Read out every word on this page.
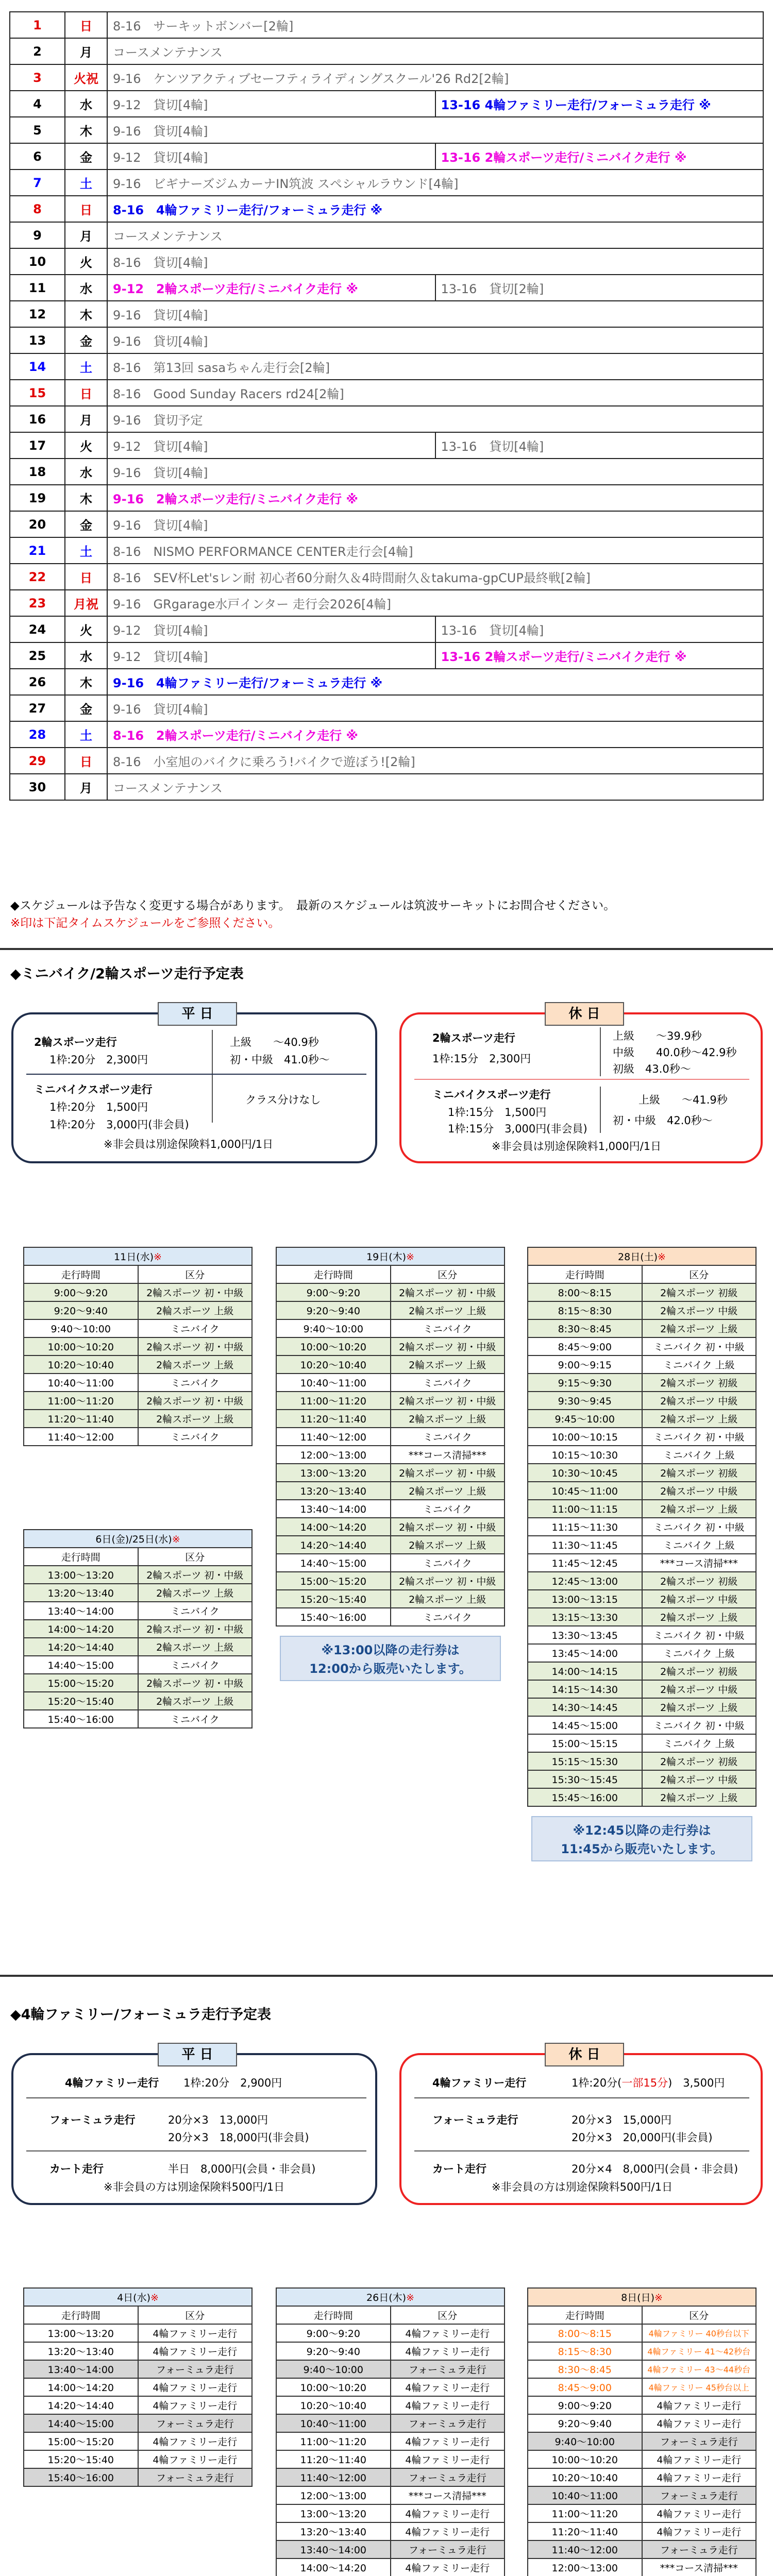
1	日	8-16　サーキットボンバー[2輪]	
2	月	コースメンテナンス	
3	火祝	9-16　ケンツアクティブセーフティライディングスクール'26 Rd2[2輪]	
4	水	9-12　貸切[4輪]	13-16 4輪ファミリー走行/フォーミュラ走行 ※
5	木	9-16　貸切[4輪]	
6	金	9-12　貸切[4輪]	13-16 2輪スポーツ走行/ミニバイク走行 ※
7	土	9-16　ビギナーズジムカーナIN筑波 スペシャルラウンド[4輪]	
8	日	8-16　4輪ファミリー走行/フォーミュラ走行 ※	
9	月	コースメンテナンス	
10	火	8-16　貸切[4輪]	
11	水	9-12　2輪スポーツ走行/ミニバイク走行 ※	13-16　貸切[2輪]
12	木	9-16　貸切[4輪]	
13	金	9-16　貸切[4輪]	
14	土	8-16　第13回 sasaちゃん走行会[2輪]	
15	日	8-16　Good Sunday Racers rd24[2輪]	
16	月	9-16　貸切予定	
17	火	9-12　貸切[4輪]	13-16　貸切[4輪]
18	水	9-16　貸切[4輪]	
19	木	9-16　2輪スポーツ走行/ミニバイク走行 ※	
20	金	9-16　貸切[4輪]	
21	土	8-16　NISMO PERFORMANCE CENTER走行会[4輪]	
22	日	8-16　SEV杯Let'sレン耐 初心者60分耐久＆4時間耐久＆takuma-gpCUP最終戦[2輪]	
23	月祝	9-16　GRgarage水戸インター 走行会2026[4輪]	
24	火	9-12　貸切[4輪]	13-16　貸切[4輪]
25	水	9-12　貸切[4輪]	13-16 2輪スポーツ走行/ミニバイク走行 ※
26	木	9-16　4輪ファミリー走行/フォーミュラ走行 ※	
27	金	9-16　貸切[4輪]	
28	土	8-16　2輪スポーツ走行/ミニバイク走行 ※	
29	日	8-16　小室旭のバイクに乗ろう!バイクで遊ぼう![2輪]	
30	月	コースメンテナンス	
◆スケジュールは予告なく変更する場合があります。　最新のスケジュールは筑波サーキットにお問合せください。
※印は下記タイムスケジュールをご参照ください。
◆ミニバイク/2輪スポーツ走行予定表
平 日
2輪スポーツ走行
1枠:20分　2,300円
上級　　～40.9秒
初・中級　41.0秒～
ミニバイクスポーツ走行
1枠:20分　1,500円
1枠:20分　3,000円(非会員)
クラス分けなし
※非会員は別途保険料1,000円/1日
休 日
2輪スポーツ走行
1枠:15分　2,300円
上級　　～39.9秒
中級　　40.0秒～42.9秒
初級　43.0秒～
ミニバイクスポーツ走行
1枠:15分　1,500円
1枠:15分　3,000円(非会員)
上級　　～41.9秒
初・中級　42.0秒～
※非会員は別途保険料1,000円/1日
11日(水)※	
走行時間	区分
9:00～9:20	2輪スポーツ 初・中級
9:20～9:40	2輪スポーツ 上級
9:40～10:00	ミニバイク
10:00～10:20	2輪スポーツ 初・中級
10:20～10:40	2輪スポーツ 上級
10:40～11:00	ミニバイク
11:00～11:20	2輪スポーツ 初・中級
11:20～11:40	2輪スポーツ 上級
11:40～12:00	ミニバイク
6日(金)/25日(水)※	
走行時間	区分
13:00～13:20	2輪スポーツ 初・中級
13:20～13:40	2輪スポーツ 上級
13:40～14:00	ミニバイク
14:00～14:20	2輪スポーツ 初・中級
14:20～14:40	2輪スポーツ 上級
14:40～15:00	ミニバイク
15:00～15:20	2輪スポーツ 初・中級
15:20～15:40	2輪スポーツ 上級
15:40～16:00	ミニバイク
19日(木)※	
走行時間	区分
9:00～9:20	2輪スポーツ 初・中級
9:20～9:40	2輪スポーツ 上級
9:40～10:00	ミニバイク
10:00～10:20	2輪スポーツ 初・中級
10:20～10:40	2輪スポーツ 上級
10:40～11:00	ミニバイク
11:00～11:20	2輪スポーツ 初・中級
11:20～11:40	2輪スポーツ 上級
11:40～12:00	ミニバイク
12:00～13:00	***コース清掃***
13:00～13:20	2輪スポーツ 初・中級
13:20～13:40	2輪スポーツ 上級
13:40～14:00	ミニバイク
14:00～14:20	2輪スポーツ 初・中級
14:20～14:40	2輪スポーツ 上級
14:40～15:00	ミニバイク
15:00～15:20	2輪スポーツ 初・中級
15:20～15:40	2輪スポーツ 上級
15:40～16:00	ミニバイク
※13:00以降の走行券は
12:00から販売いたします。
28日(土)※	
走行時間	区分
8:00～8:15	2輪スポーツ 初級
8:15～8:30	2輪スポーツ 中級
8:30～8:45	2輪スポーツ 上級
8:45～9:00	ミニバイク 初・中級
9:00～9:15	ミニバイク 上級
9:15～9:30	2輪スポーツ 初級
9:30～9:45	2輪スポーツ 中級
9:45～10:00	2輪スポーツ 上級
10:00～10:15	ミニバイク 初・中級
10:15～10:30	ミニバイク 上級
10:30～10:45	2輪スポーツ 初級
10:45～11:00	2輪スポーツ 中級
11:00～11:15	2輪スポーツ 上級
11:15～11:30	ミニバイク 初・中級
11:30～11:45	ミニバイク 上級
11:45～12:45	***コース清掃***
12:45～13:00	2輪スポーツ 初級
13:00～13:15	2輪スポーツ 中級
13:15～13:30	2輪スポーツ 上級
13:30～13:45	ミニバイク 初・中級
13:45～14:00	ミニバイク 上級
14:00～14:15	2輪スポーツ 初級
14:15～14:30	2輪スポーツ 中級
14:30～14:45	2輪スポーツ 上級
14:45～15:00	ミニバイク 初・中級
15:00～15:15	ミニバイク 上級
15:15～15:30	2輪スポーツ 初級
15:30～15:45	2輪スポーツ 中級
15:45～16:00	2輪スポーツ 上級
※12:45以降の走行券は
11:45から販売いたします。
◆4輪ファミリー/フォーミュラ走行予定表
平 日
4輪ファミリー走行 1枠:20分　2,900円
フォーミュラ走行	20分×3　13,000円
20分×3　18,000円(非会員)
カート走行	半日　8,000円(会員・非会員)
※非会員の方は別途保険料500円/1日
休 日
4輪ファミリー走行	1枠:20分(一部15分)　3,500円
フォーミュラ走行	20分×3　15,000円
20分×3　20,000円(非会員)
カート走行	20分×4　8,000円(会員・非会員)
※非会員の方は別途保険料500円/1日
4日(水)※	
走行時間	区分
13:00～13:20	4輪ファミリー走行
13:20～13:40	4輪ファミリー走行
13:40～14:00	フォーミュラ走行
14:00～14:20	4輪ファミリー走行
14:20～14:40	4輪ファミリー走行
14:40～15:00	フォーミュラ走行
15:00～15:20	4輪ファミリー走行
15:20～15:40	4輪ファミリー走行
15:40～16:00	フォーミュラ走行
26日(木)※	
走行時間	区分
9:00～9:20	4輪ファミリー走行
9:20～9:40	4輪ファミリー走行
9:40～10:00	フォーミュラ走行
10:00～10:20	4輪ファミリー走行
10:20～10:40	4輪ファミリー走行
10:40～11:00	フォーミュラ走行
11:00～11:20	4輪ファミリー走行
11:20～11:40	4輪ファミリー走行
11:40～12:00	フォーミュラ走行
12:00～13:00	***コース清掃***
13:00～13:20	4輪ファミリー走行
13:20～13:40	4輪ファミリー走行
13:40～14:00	フォーミュラ走行
14:00～14:20	4輪ファミリー走行

8日(日)※	
走行時間	区分
8:00～8:15	4輪ファミリー 40秒台以下
8:15～8:30	4輪ファミリー 41～42秒台
8:30～8:45	4輪ファミリー 43～44秒台
8:45～9:00	4輪ファミリー 45秒台以上
9:00～9:20	4輪ファミリー走行
9:20～9:40	4輪ファミリー走行
9:40～10:00	フォーミュラ走行
10:00～10:20	4輪ファミリー走行
10:20～10:40	4輪ファミリー走行
10:40～11:00	フォーミュラ走行
11:00～11:20	4輪ファミリー走行
11:20～11:40	4輪ファミリー走行
11:40～12:00	フォーミュラ走行
12:00～13:00	***コース清掃***
